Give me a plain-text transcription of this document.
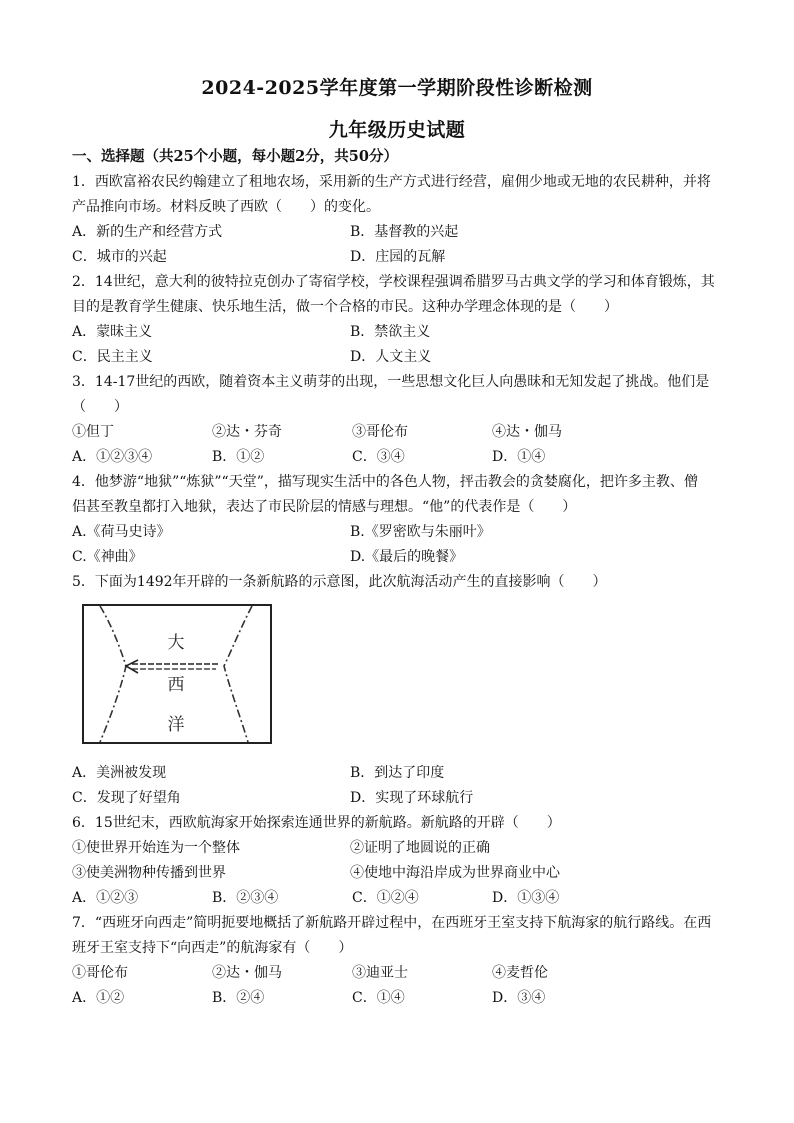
2024-2025学年度第一学期阶段性诊断检测
九年级历史试题
一、选择题（共25个小题，每小题2分，共50分）
1．西欧富裕农民约翰建立了租地农场，采用新的生产方式进行经营，雇佣少地或无地的农民耕种，并将
产品推向市场。材料反映了西欧（　　）的变化。
A．新的生产和经营方式	B．基督教的兴起
C．城市的兴起	D．庄园的瓦解
2．14世纪，意大利的彼特拉克创办了寄宿学校，学校课程强调希腊罗马古典文学的学习和体育锻炼，其
目的是教育学生健康、快乐地生活，做一个合格的市民。这种办学理念体现的是（　　）
A．蒙昧主义	B．禁欲主义
C．民主主义	D．人文主义
3．14-17世纪的西欧，随着资本主义萌芽的出现，一些思想文化巨人向愚昧和无知发起了挑战。他们是
（　　）
①但丁	②达・芬奇	③哥伦布	④达・伽马
A．①②③④	B．①②	C．③④	D．①④
4．他梦游“地狱”“炼狱”“天堂”，描写现实生活中的各色人物，抨击教会的贪婪腐化，把许多主教、僧
侣甚至教皇都打入地狱，表达了市民阶层的情感与理想。“他”的代表作是（　　）
A.《荷马史诗》	B.《罗密欧与朱丽叶》
C.《神曲》	D.《最后的晚餐》
5．下面为1492年开辟的一条新航路的示意图，此次航海活动产生的直接影响（　　）
大
西
洋
A．美洲被发现	B．到达了印度
C．发现了好望角	D．实现了环球航行
6．15世纪末，西欧航海家开始探索连通世界的新航路。新航路的开辟（　　）
①使世界开始连为一个整体	②证明了地圆说的正确
③使美洲物种传播到世界	④使地中海沿岸成为世界商业中心
A．①②③	B．②③④	C．①②④	D．①③④
7．“西班牙向西走”简明扼要地概括了新航路开辟过程中，在西班牙王室支持下航海家的航行路线。在西
班牙王室支持下“向西走”的航海家有（　　）
①哥伦布	②达・伽马	③迪亚士	④麦哲伦
A．①②	B．②④	C．①④	D．③④
